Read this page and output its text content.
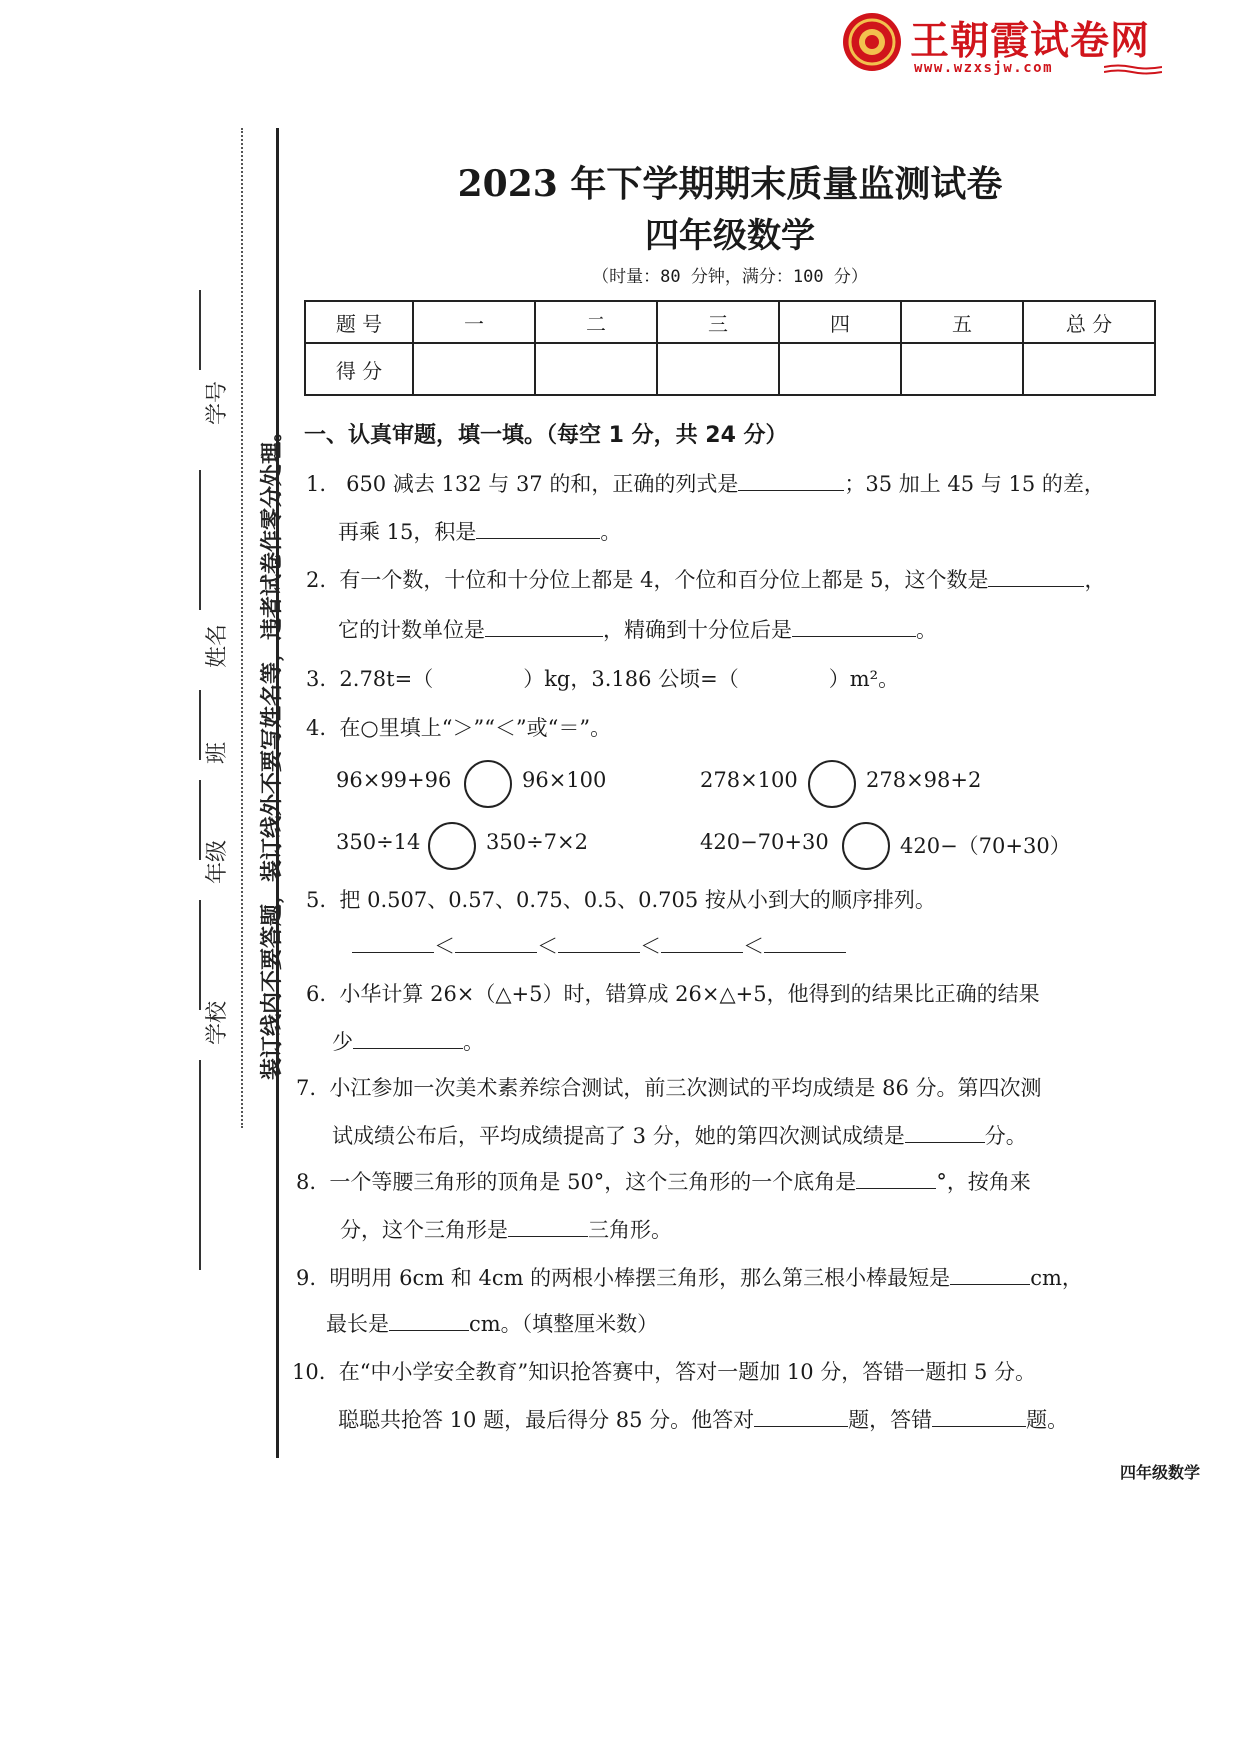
王朝霞试卷网
www.wzxsjw.com
装订线内不要答题，装订线外不要写姓名等，违者试卷作零分处理。
学号
姓名
班
年级
学校
2023 年下学期期末质量监测试卷
四年级数学
（时量：80 分钟，满分：100 分）
题 号	一	二	三	四	五	总 分
得 分						
一、认真审题，填一填。（每空 1 分，共 24 分）
1. 650 减去 132 与 37 的和，正确的列式是	；35 加上 45 与 15 的差，
再乘 15，积是	。
2. 有一个数，十位和十分位上都是 4，个位和百分位上都是 5，这个数是	，
它的计数单位是	，精确到十分位后是	。
3. 2.78t=（	）kg，3.186 公顷=（	）m²。
4. 在○里填上“＞”“＜”或“＝”。
96×99+96	96×100	278×100	278×98+2
350÷14	350÷7×2	420−70+30	420−（70+30）
5. 把 0.507、0.57、0.75、0.5、0.705 按从小到大的顺序排列。
＜	＜	＜	＜
6. 小华计算 26×（△+5）时，错算成 26×△+5，他得到的结果比正确的结果
少	。
7. 小江参加一次美术素养综合测试，前三次测试的平均成绩是 86 分。第四次测
试成绩公布后，平均成绩提高了 3 分，她的第四次测试成绩是	分。
8. 一个等腰三角形的顶角是 50°，这个三角形的一个底角是	°，按角来
分，这个三角形是	三角形。
9. 明明用 6cm 和 4cm 的两根小棒摆三角形，那么第三根小棒最短是	cm，
最长是	cm。（填整厘米数）
10. 在“中小学安全教育”知识抢答赛中，答对一题加 10 分，答错一题扣 5 分。
聪聪共抢答 10 题，最后得分 85 分。他答对	题，答错	题。
四年级数学
